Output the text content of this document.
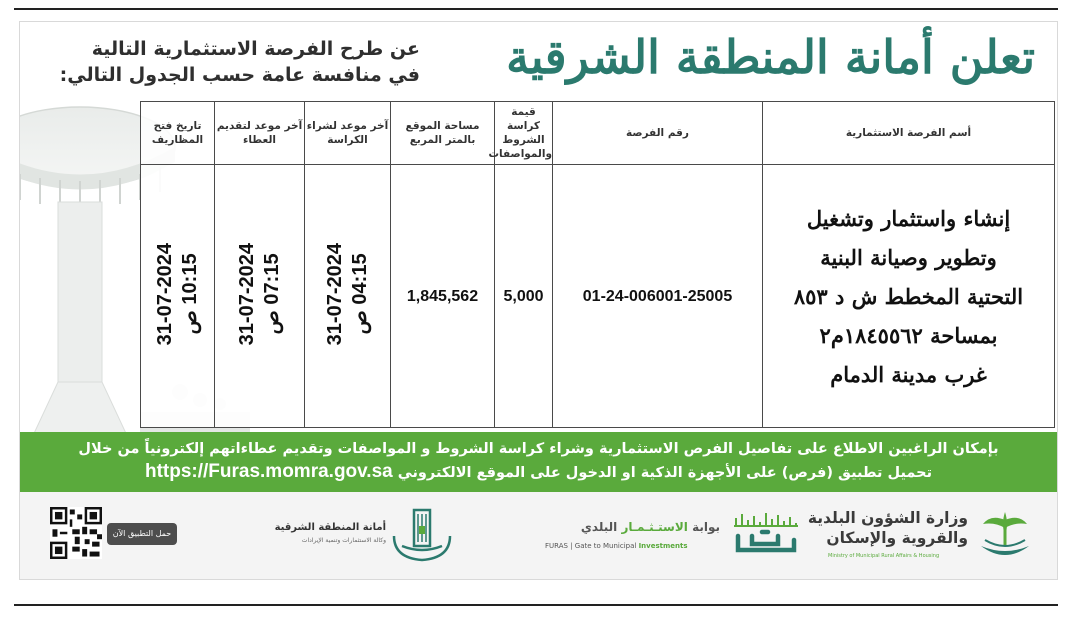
تعلن أمانة المنطقة الشرقية
عن طرح الفرصة الاستثمارية التالية
في منافسة عامة حسب الجدول التالي:
أسم الفرصة الاستثمارية	رقم الفرصة	قيمة كراسة الشروط والمواصفات	مساحة الموقع بالمتر المربع	آخر موعد لشراء الكراسة	آخر موعد لتقديم العطاء	تاريخ فتح المظاريف

إنشاء واستثمار وتشغيل
وتطوير وصيانة البنية
التحتية المخطط ش د ٨٥٣
بمساحة ١٨٤٥٥٦٢م٢
غرب مدينة الدمام	01-24-006001-25005	5,000	1,845,562	31-07-2024 04:15 ص	31-07-2024 07:15 ص	31-07-2024 10:15 ص
بإمكان الراغبين الاطلاع على تفاصيل الفرص الاستثمارية وشراء كراسة الشروط و المواصفات وتقديم عطاءاتهم إلكترونياً من خلال
تحميل تطبيق (فرص) على الأجهزة الذكية او الدخول على الموقع الالكتروني https://Furas.momra.gov.sa
حمل التطبيق الآن
أمانة المنطقة الشرقية
وكالة الاستثمارات وتنمية الإيرادات
بوابة الاستـثـمـار البلدي
FURAS | Gate to Municipal Investments
وزارة الشؤون البلدية
والقروية والإسكان
Ministry of Municipal Rural Affairs & Housing
